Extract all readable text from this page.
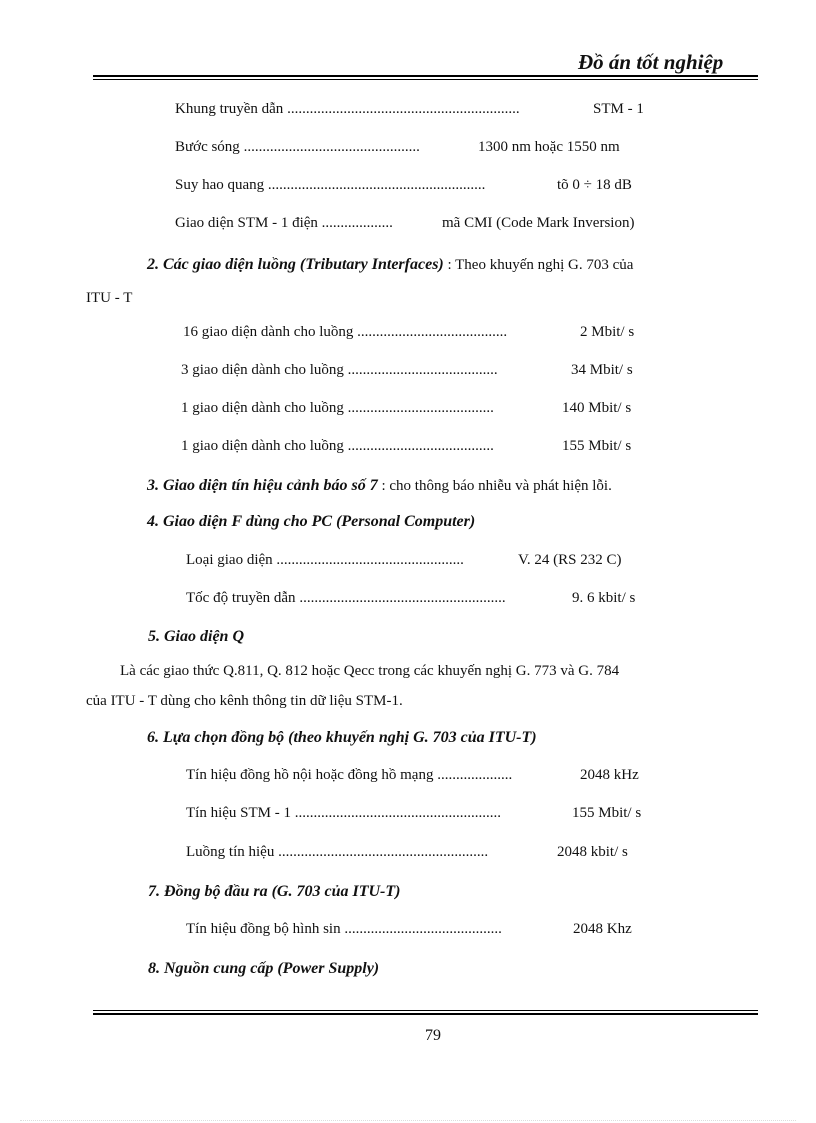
Đồ án tốt nghiệp
Khung truyền dẫn ..............................................................	STM - 1
Bước sóng ...............................................	1300 nm hoặc 1550 nm
Suy hao quang ..........................................................	tõ 0 ÷ 18 dB
Giao diện STM - 1 điện ...................	mã CMI (Code Mark Inversion)
2. Các giao diện luồng (Tributary Interfaces) : Theo khuyến nghị G. 703 của
ITU - T
16 giao diện dành cho luồng ........................................	2 Mbit/ s
3 giao diện dành cho luồng ........................................	34 Mbit/ s
1 giao diện dành cho luồng .......................................	140 Mbit/ s
1 giao diện dành cho luồng .......................................	155 Mbit/ s
3. Giao diện tín hiệu cảnh báo số 7 : cho thông báo nhiễu và phát hiện lỗi.
4. Giao diện F dùng cho PC (Personal Computer)
Loại giao diện ..................................................	V. 24 (RS 232 C)
Tốc độ truyền dẫn .......................................................	9. 6 kbit/ s
5. Giao diện Q
Là các giao thức Q.811, Q. 812 hoặc Qecc trong các khuyến nghị G. 773 và G. 784
của ITU - T dùng cho kênh thông tin dữ liệu STM-1.
6. Lựa chọn đồng bộ (theo khuyến nghị G. 703 của ITU-T)
Tín hiệu đồng hồ nội hoặc đồng hồ mạng ....................	2048 kHz
Tín hiệu STM - 1 .......................................................	155 Mbit/ s
Luồng tín hiệu ........................................................	2048 kbit/ s
7. Đồng bộ đầu ra (G. 703 của ITU-T)
Tín hiệu đồng bộ hình sin ..........................................	2048 Khz
8. Nguồn cung cấp (Power Supply)
79
